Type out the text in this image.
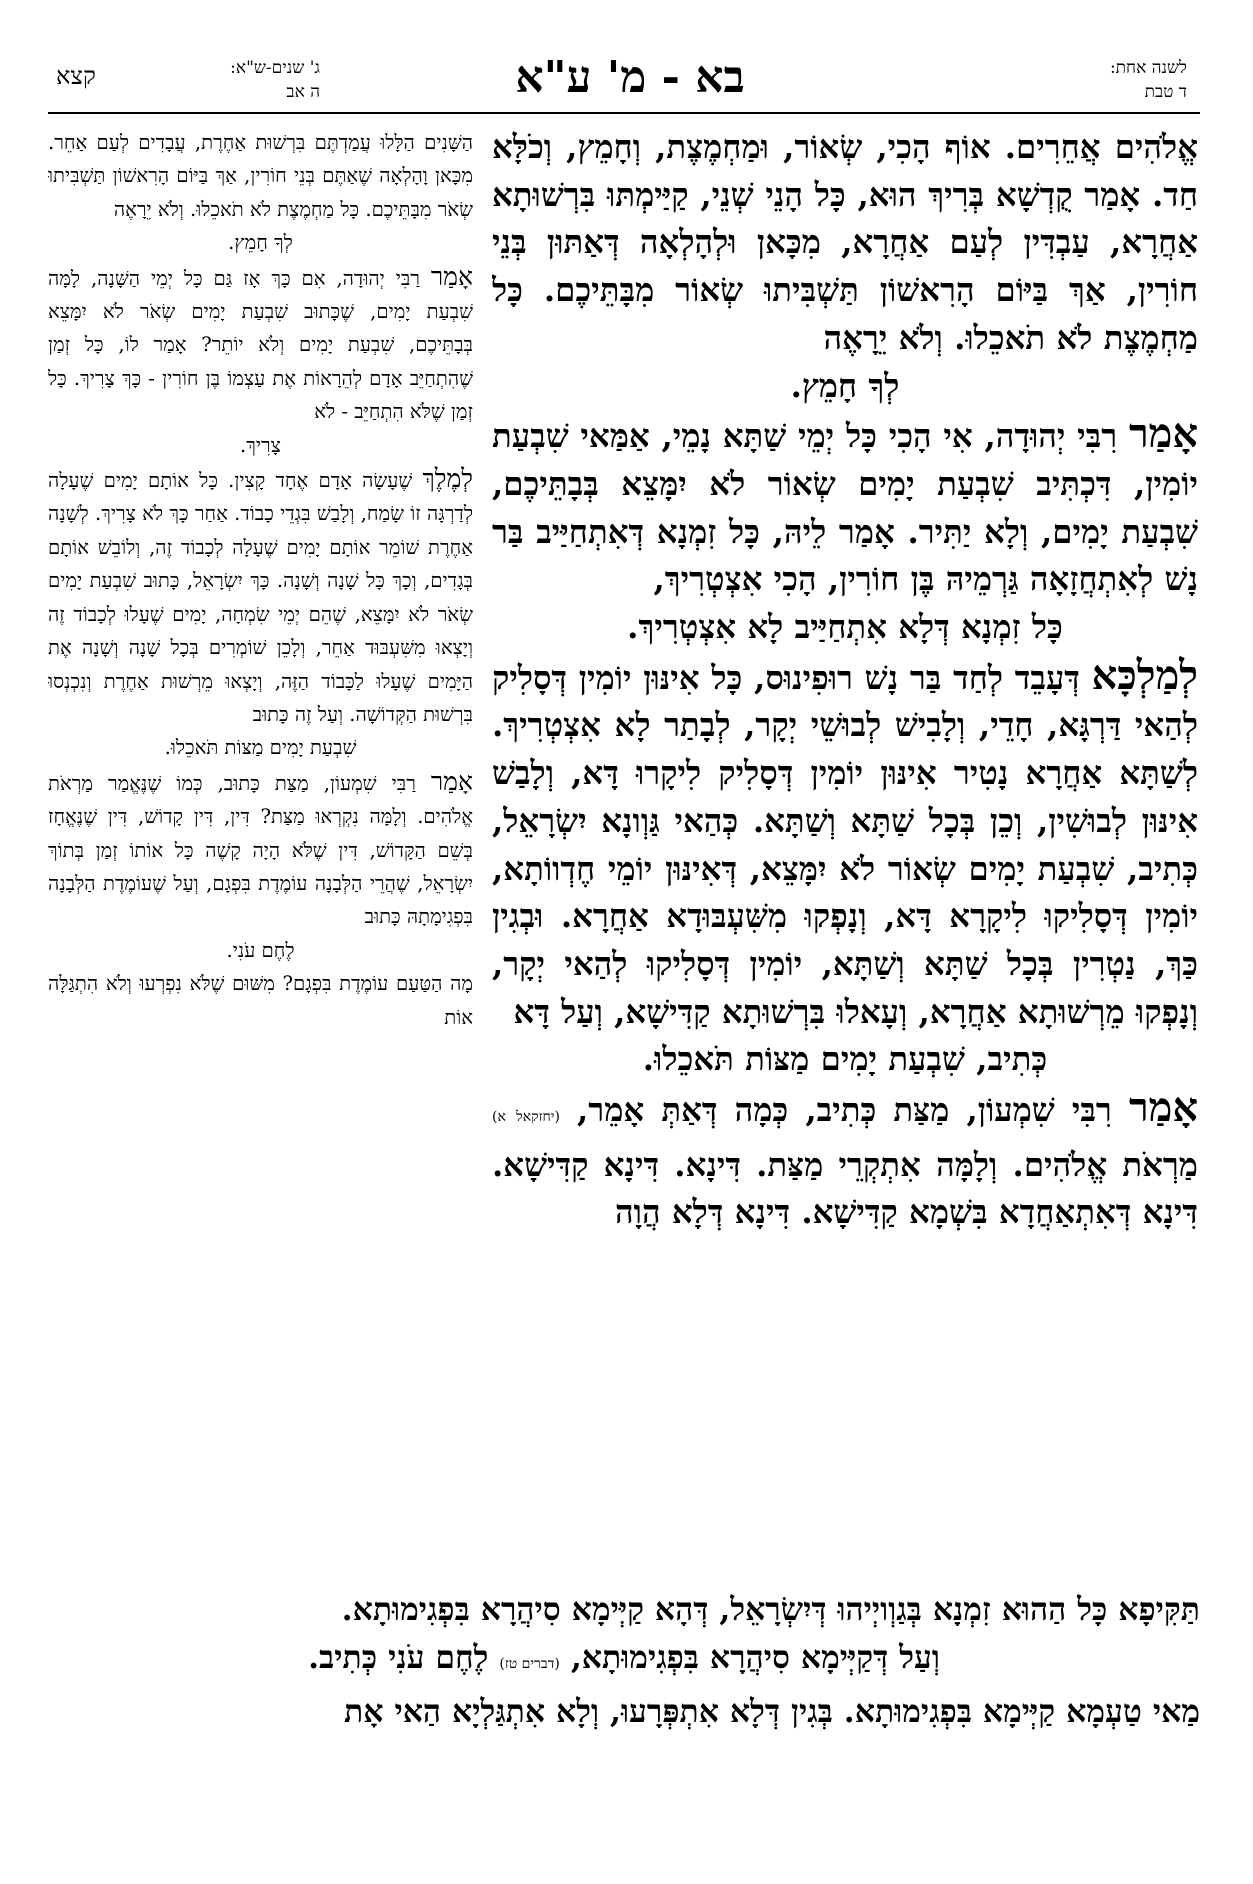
לשנה אחת:
ד טבת
בא - מ' ע"א
ג' שנים-ש"א:
ה אב
קצא

אֱלֹהִים אֲחֵרִים. אוֹף הָכִי, שְׂאוֹר, וּמַחְמֶצֶת, וְחָמֵץ, וְכֹלָּא חַד. אָמַר קֻדְשָׁא בְּרִיךְ הוּא, כָּל הָנֵי שְׁנֵי, קַיַּימְתּוּ בִּרְשׁוּתָא אַחֲרָא, עַבְדִּין לְעַם אַחֲרָא, מִכָּאן וּלְהָלְאָה דְּאַתּוּן בְּנֵי חוֹרִין, אַךְ בַּיּוֹם הָרִאשׁוֹן תַּשְׁבִּיתוּ שְׂאוֹר מִבָּתֵּיכֶם. כָּל מַחְמֶצֶת לֹא תֹאכֵלוּ. וְלֹא יֵרָאֶה

לְךָ חָמֵץ.

אָמַר רִבִּי יְהוּדָה, אִי הָכִי כָּל יְמֵי שַׁתָּא נָמֵי, אַמַּאי שִׁבְעַת יוֹמִין, דִּכְתִּיב שִׁבְעַת יָמִים שְׂאוֹר לֹא יִמָּצֵא בְּבָתֵּיכֶם, שִׁבְעַת יָמִים, וְלָא יַתִּיר. אָמַר לֵיהּ, כָּל זִמְנָא דְּאִתְחַיַּיב בַּר נָשׁ לְאִתְחֲזָאָה גַּרְמֵיהּ בֶּן חוֹרִין, הָכִי אִצְטְרִיךְ,

כָּל זִמְנָא דְּלָא אִתְחַיַּיב לָא אִצְטְרִיךְ.

לְמַלְכָּא דְּעָבֵד לְחַד בַּר נָשׁ רוּפִינוּס, כָּל אִינּוּן יוֹמִין דְּסָלִיק לְהַאי דַּרְגָּא, חָדֵי, וְלָבִישׁ לְבוּשֵׁי יְקָר, לְבָתַר לָא אִצְטְרִיךְ. לְשַׁתָּא אַחֲרָא נָטִיר אִינּוּן יוֹמִין דְּסָלִיק לִיקָרוּ דָּא, וְלָבַשׁ אִינּוּן לְבוּשִׁין, וְכֵן בְּכָל שַׁתָּא וְשַׁתָּא. כְּהַאי גַּוְונָא יִשְׂרָאֵל, כְּתִיב, שִׁבְעַת יָמִים שְׂאוֹר לֹא יִמָּצֵא, דְּאִינּוּן יוֹמֵי חֶדְווֹתָא, יוֹמִין דְּסָלִיקוּ לִיקָרָא דָּא, וְנָפְקוּ מִשִּׁעְבּוּדָא אַחֲרָא. וּבְגִין כַּךְ, נַטְרִין בְּכָל שַׁתָּא וְשַׁתָּא, יוֹמִין דְּסָלִיקוּ לְהַאי יְקָר, וְנָפְקוּ מֵרְשׁוּתָא אַחֲרָא, וְעָאלוּ בִּרְשׁוּתָא קַדִּישָׁא, וְעַל דָּא

כְּתִיב, שִׁבְעַת יָמִים מַצּוֹת תֹּאכֵלוּ.

אָמַר רִבִּי שִׁמְעוֹן, מַצַּת כְּתִיב, כְּמָה דְּאַתְּ אָמֵר, (יחזקאל א) מַרְאֹת אֱלֹהִים. וְלָמָּה אִתְקְרֵי מַצַּת. דִּינָא. דִּינָא קַדִּישָׁא. דִּינָא דְּאִתְאַחֲדָא בִּשְׁמָא קַדִּישָׁא. דִּינָא דְּלָא הֲוָה

הַשָּׁנִים הַלָּלוּ עֲמַדְתֶּם בִּרְשׁוּת אַחֶרֶת, עֲבָדִים לְעַם אַחֵר. מִכָּאן וָהָלְאָה שֶׁאַתֶּם בְּנֵי חוֹרִין, אַךְ בַּיּוֹם הָרִאשׁוֹן תַּשְׁבִּיתוּ שְׂאֹר מִבָּתֵּיכֶם. כָּל מַחְמֶצֶת לֹא תֹאכֵלוּ. וְלֹא יֵרָאֶה

לְךָ חָמֵץ.

אָמַר רַבִּי יְהוּדָה, אִם כָּךְ אָז גַּם כָּל יְמֵי הַשָּׁנָה, לָמָּה שִׁבְעַת יָמִים, שֶׁכָּתוּב שִׁבְעַת יָמִים שְׂאֹר לֹא יִמָּצֵא בְּבָתֵּיכֶם, שִׁבְעַת יָמִים וְלֹא יוֹתֵר? אָמַר לוֹ, כָּל זְמַן שֶׁהִתְחַיֵּב אָדָם לְהֵרָאוֹת אֶת עַצְמוֹ בֶּן חוֹרִין - כָּךְ צָרִיךְ. כָּל זְמַן שֶׁלֹּא הִתְחַיֵּב - לֹא

צָרִיךְ.

לְמֶלֶךְ שֶׁעָשָׂה אָדָם אֶחָד קָצִין. כָּל אוֹתָם יָמִים שֶׁעָלָה לְדַרְגָּה זוֹ שָׂמַח, וְלָבַשׁ בִּגְדֵי כָבוֹד. אַחַר כָּךְ לֹא צָרִיךְ. לְשָׁנָה אַחֶרֶת שׁוֹמֵר אוֹתָם יָמִים שֶׁעָלָה לְכָבוֹד זֶה, וְלוֹבֵשׁ אוֹתָם בְּגָדִים, וְכָךְ כָּל שָׁנָה וְשָׁנָה. כָּךְ יִשְׂרָאֵל, כָּתוּב שִׁבְעַת יָמִים שְׂאֹר לֹא יִמָּצֵא, שֶׁהֵם יְמֵי שִׂמְחָה, יָמִים שֶׁעָלוּ לְכָבוֹד זֶה וְיָצְאוּ מִשִּׁעְבּוּד אַחֵר, וְלָכֵן שׁוֹמְרִים בְּכָל שָׁנָה וְשָׁנָה אֶת הַיָּמִים שֶׁעָלוּ לַכָּבוֹד הַזֶּה, וְיָצְאוּ מֵרְשׁוּת אַחֶרֶת וְנִכְנְסוּ בִּרְשׁוּת הַקְּדוֹשָׁה. וְעַל זֶה כָּתוּב

שִׁבְעַת יָמִים מַצּוֹת תֹּאכֵלוּ.

אָמַר רַבִּי שִׁמְעוֹן, מַצַּת כָּתוּב, כְּמוֹ שֶׁנֶּאֱמַר מַרְאֹת אֱלֹהִים. וְלָמָּה נִקְרְאוּ מַצַּת? דִּין, דִּין קָדוֹשׁ, דִּין שֶׁנֶּאֱחָז בְּשֵׁם הַקָּדוֹשׁ, דִּין שֶׁלֹּא הָיָה קָשֶׁה כָּל אוֹתוֹ זְמַן בְּתוֹךְ יִשְׂרָאֵל, שֶׁהֲרֵי הַלְּבָנָה עוֹמֶדֶת בִּפְגָם, וְעַל שֶׁעוֹמֶדֶת הַלְּבָנָה בִּפְגִימָתָהּ כָּתוּב

לֶחֶם עֹנִי.

מָה הַטַּעַם עוֹמֶדֶת בִּפְגָם? מִשּׁוּם שֶׁלֹּא נִפְרְעוּ וְלֹא הִתְגַּלָּה אוֹת

תַּקִּיפָא כָּל הַהוּא זִמְנָא בְּגַוְויְיהוּ דְּיִשְׂרָאֵל, דְּהָא קַיְּימָא סִיהֲרָא בִּפְגִימוּתָא.

וְעַל דְּקַיְּימָא סִיהֲרָא בִּפְגִימוּתָא, (דברים טז) לֶחֶם עֹנִי כְּתִיב.

מַאי טַעְמָא קַיְּימָא בִּפְגִימוּתָא. בְּגִין דְּלָא אִתְפְּרָעוּ, וְלָא אִתְגַּלְיָא הַאי אָת
